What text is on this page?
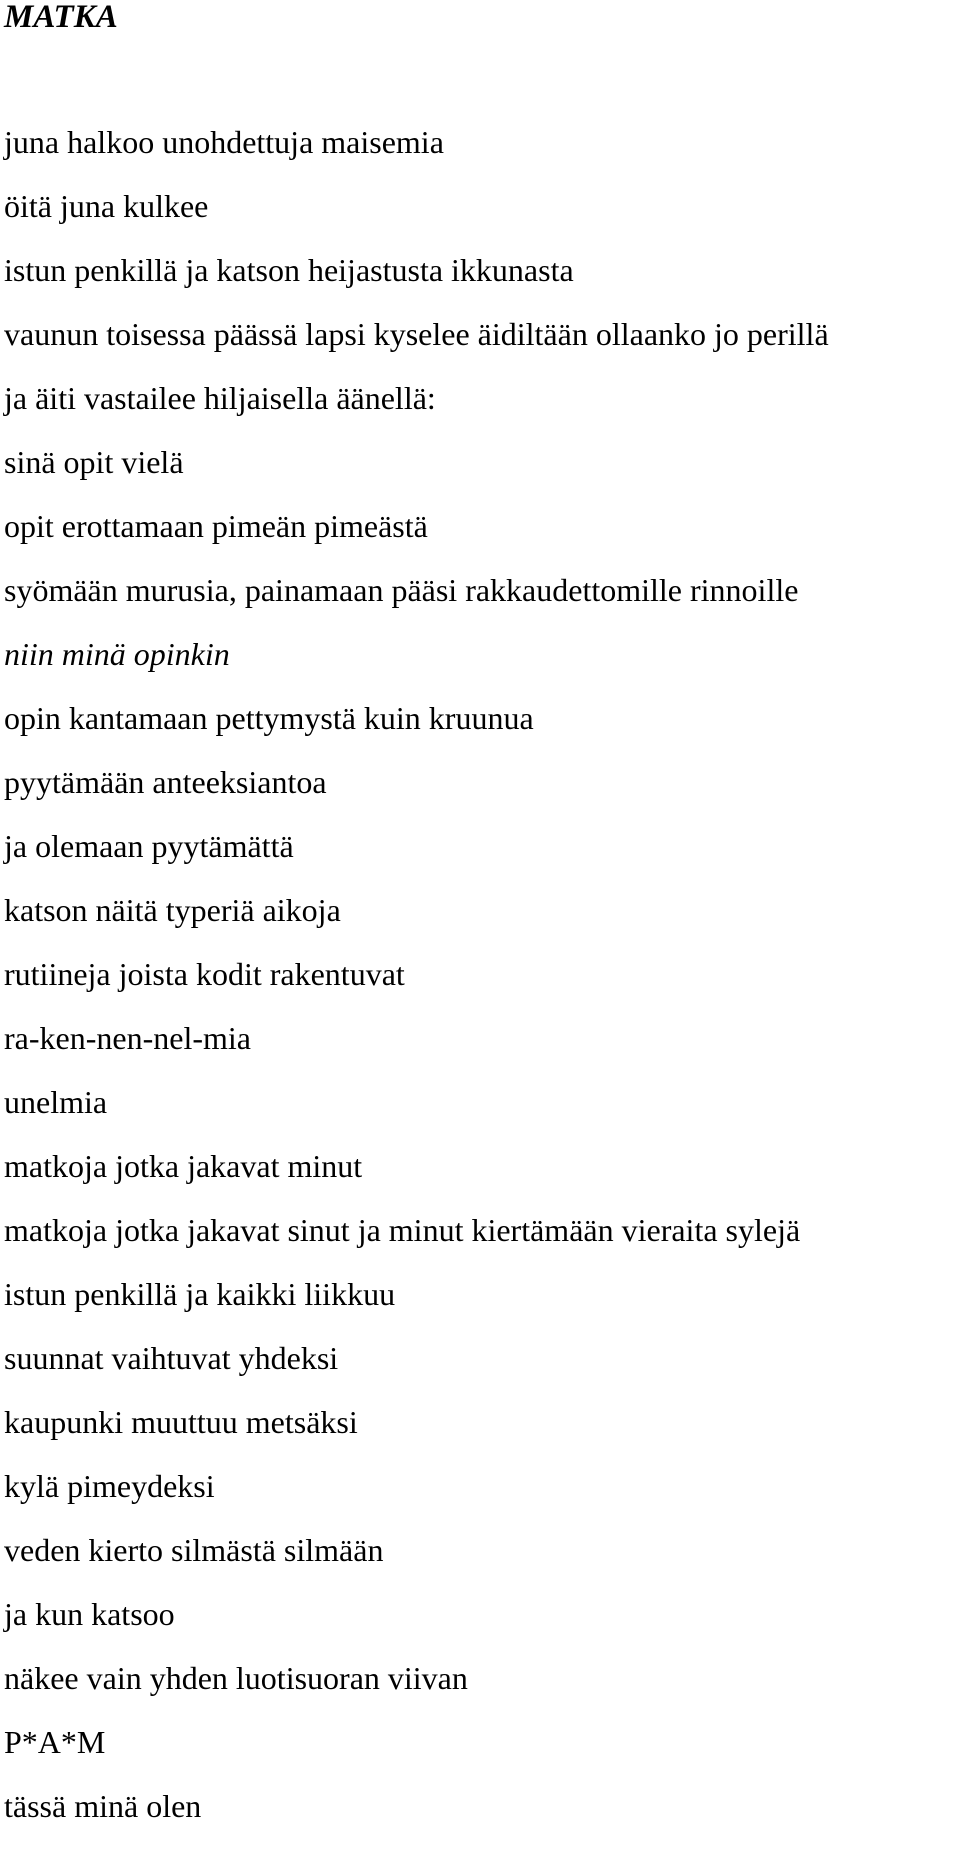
MATKA
juna halkoo unohdettuja maisemia
öitä juna kulkee
istun penkillä ja katson heijastusta ikkunasta
vaunun toisessa päässä lapsi kyselee äidiltään ollaanko jo perillä
ja äiti vastailee hiljaisella äänellä:
sinä opit vielä
opit erottamaan pimeän pimeästä
syömään murusia, painamaan pääsi rakkaudettomille rinnoille
niin minä opinkin
opin kantamaan pettymystä kuin kruunua
pyytämään anteeksiantoa
ja olemaan pyytämättä
katson näitä typeriä aikoja
rutiineja joista kodit rakentuvat
ra-ken-nen-nel-mia
unelmia
matkoja jotka jakavat minut
matkoja jotka jakavat sinut ja minut kiertämään vieraita sylejä
istun penkillä ja kaikki liikkuu
suunnat vaihtuvat yhdeksi
kaupunki muuttuu metsäksi
kylä pimeydeksi
veden kierto silmästä silmään
ja kun katsoo
näkee vain yhden luotisuoran viivan
P*A*M
tässä minä olen
